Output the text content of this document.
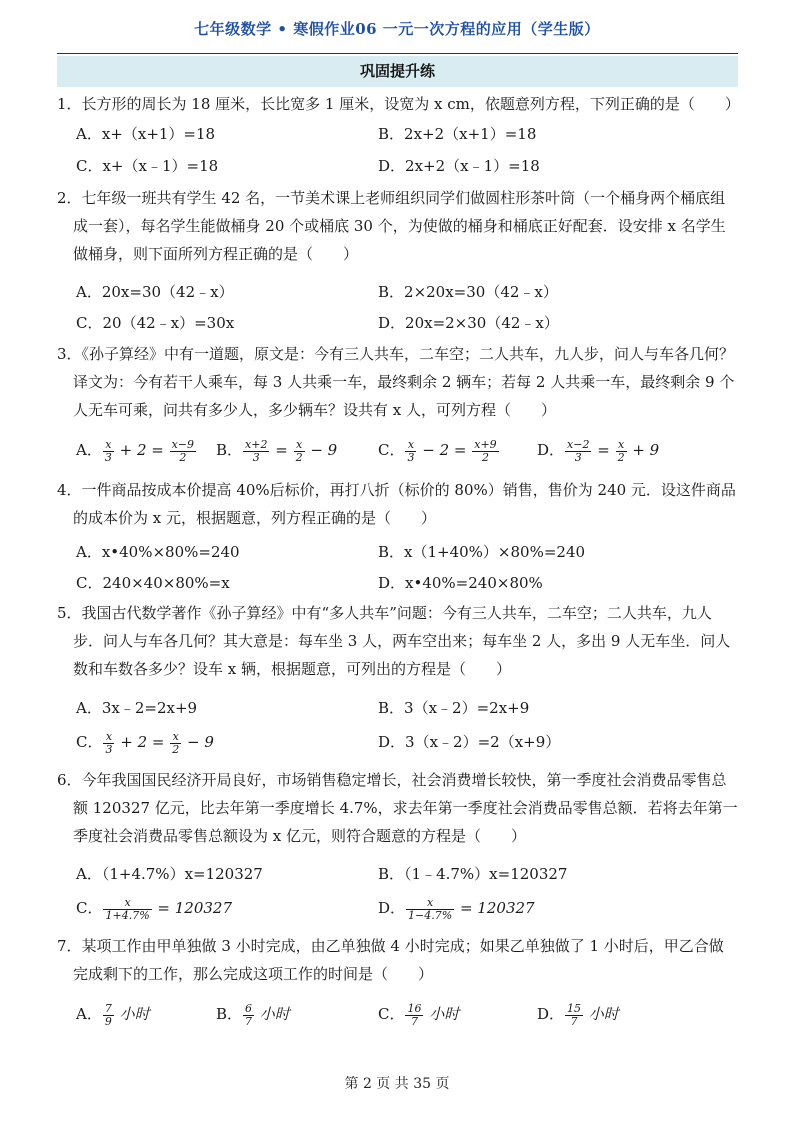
七年级数学 • 寒假作业06 一元一次方程的应用（学生版）
巩固提升练

1．长方形的周长为 18 厘米，长比宽多 1 厘米，设宽为 x cm，依题意列方程，下列正确的是（　　）

A．x+（x+1）=18	B．2x+2（x+1）=18
C．x+（x﹣1）=18	D．2x+2（x﹣1）=18

2．七年级一班共有学生 42 名，一节美术课上老师组织同学们做圆柱形茶叶筒（一个桶身两个桶底组成一套），每名学生能做桶身 20 个或桶底 30 个，为使做的桶身和桶底正好配套．设安排 x 名学生做桶身，则下面所列方程正确的是（　　）

A．20x=30（42﹣x）	B．2×20x=30（42﹣x）
C．20（42﹣x）=30x	D．20x=2×30（42﹣x）

3．《孙子算经》中有一道题，原文是：今有三人共车，二车空；二人共车，九人步，问人与车各几何？译文为：今有若干人乘车，每 3 人共乘一车，最终剩余 2 辆车；若每 2 人共乘一车，最终剩余 9 个人无车可乘，问共有多少人，多少辆车？设共有 x 人，可列方程（　　）

A． $\frac{x}{3} + 2 = \frac{x-9}{2}$ B． $\frac{x+2}{3} = \frac{x}{2} - 9$	C． $\frac{x}{3} - 2 = \frac{x+9}{2}$	D． $\frac{x-2}{3} = \frac{x}{2} + 9$

4．一件商品按成本价提高 40%后标价，再打八折（标价的 80%）销售，售价为 240 元．设这件商品的成本价为 x 元，根据题意，列方程正确的是（　　）

A．x•40%×80%=240	B．x（1+40%）×80%=240
C．240×40×80%=x	D．x•40%=240×80%

5．我国古代数学著作《孙子算经》中有“多人共车”问题：今有三人共车，二车空；二人共车，九人步．问人与车各几何？其大意是：每车坐 3 人，两车空出来；每车坐 2 人，多出 9 人无车坐．问人数和车数各多少？设车 x 辆，根据题意，可列出的方程是（　　）

A．3x﹣2=2x+9	B．3（x﹣2）=2x+9
C． $\frac{x}{3} + 2 = \frac{x}{2} - 9$	D．3（x﹣2）=2（x+9）

6．今年我国国民经济开局良好，市场销售稳定增长，社会消费增长较快，第一季度社会消费品零售总额 120327 亿元，比去年第一季度增长 4.7%，求去年第一季度社会消费品零售总额．若将去年第一季度社会消费品零售总额设为 x 亿元，则符合题意的方程是（　　）

A．（1+4.7%）x=120327	B．（1﹣4.7%）x=120327
C． $\frac{x}{1+4.7\%} = 120327$	D． $\frac{x}{1-4.7\%} = 120327$

7．某项工作由甲单独做 3 小时完成，由乙单独做 4 小时完成；如果乙单独做了 1 小时后，甲乙合做完成剩下的工作，那么完成这项工作的时间是（　　）

A． $\frac{7}{9}$ 小时	B． $\frac{6}{7}$ 小时	C． $\frac{16}{7}$ 小时	D． $\frac{15}{7}$ 小时
第 2 页 共 35 页
